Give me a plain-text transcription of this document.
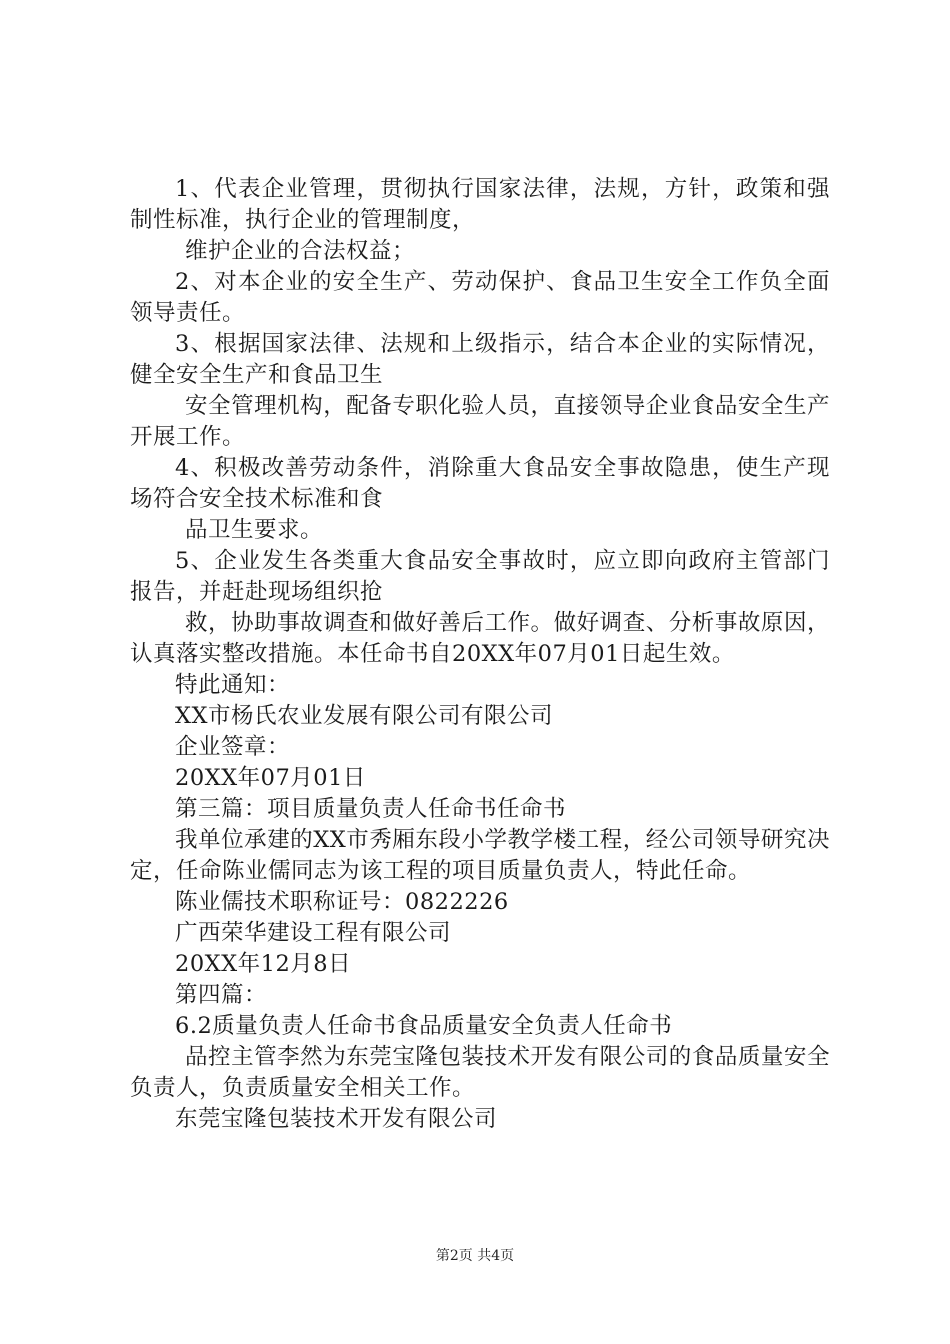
1、代表企业管理，贯彻执行国家法律，法规，方针，政策和强制性标准，执行企业的管理制度，

维护企业的合法权益；

2、对本企业的安全生产、劳动保护、食品卫生安全工作负全面领导责任。

3、根据国家法律、法规和上级指示，结合本企业的实际情况，健全安全生产和食品卫生

安全管理机构，配备专职化验人员，直接领导企业食品安全生产开展工作。

4、积极改善劳动条件，消除重大食品安全事故隐患，使生产现场符合安全技术标准和食

品卫生要求。

5、企业发生各类重大食品安全事故时，应立即向政府主管部门报告，并赶赴现场组织抢

救，协助事故调查和做好善后工作。做好调查、分析事故原因，认真落实整改措施。本任命书自20XX年07月01日起生效。

特此通知：

XX市杨氏农业发展有限公司有限公司

企业签章：

20XX年07月01日

第三篇：项目质量负责人任命书任命书

我单位承建的XX市秀厢东段小学教学楼工程，经公司领导研究决定，任命陈业儒同志为该工程的项目质量负责人，特此任命。

陈业儒技术职称证号：0822226

广西荣华建设工程有限公司

20XX年12月8日

第四篇：

6.2质量负责人任命书食品质量安全负责人任命书

品控主管李然为东莞宝隆包装技术开发有限公司的食品质量安全负责人，负责质量安全相关工作。

东莞宝隆包装技术开发有限公司

第2页 共4页
